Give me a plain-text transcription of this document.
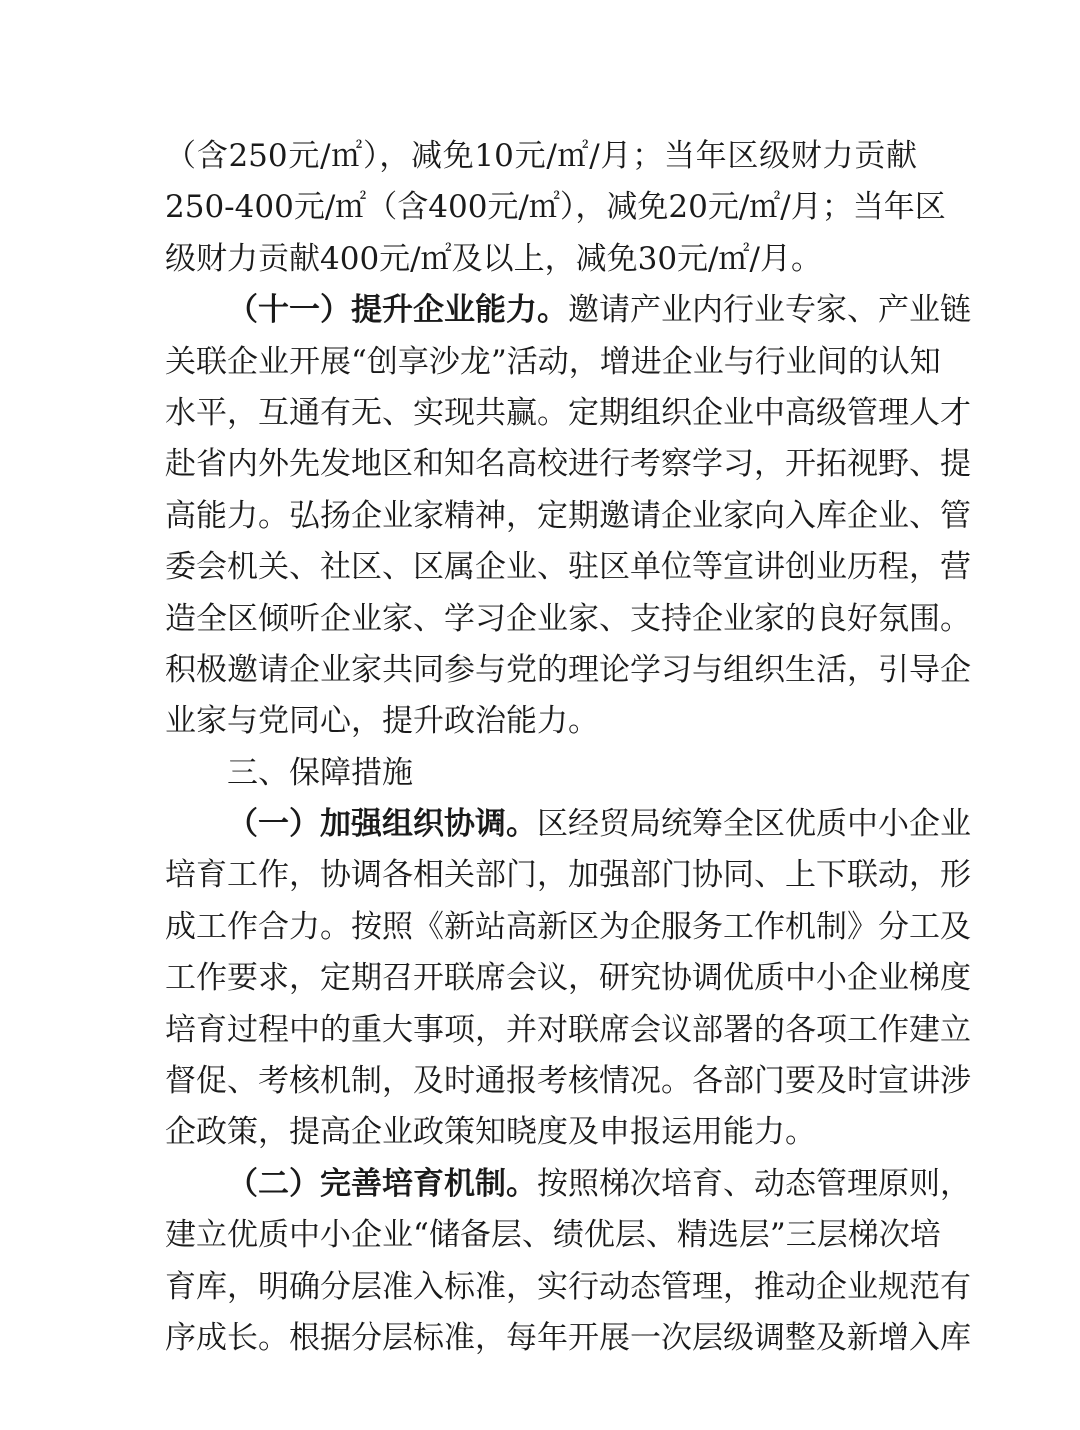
（含250元/㎡），减免10元/㎡/月；当年区级财力贡献
250-400元/㎡（含400元/㎡），减免20元/㎡/月；当年区
级财力贡献400元/㎡及以上，减免30元/㎡/月。
（十一）提升企业能力。邀请产业内行业专家、产业链
关联企业开展“创享沙龙”活动，增进企业与行业间的认知
水平，互通有无、实现共赢。定期组织企业中高级管理人才
赴省内外先发地区和知名高校进行考察学习，开拓视野、提
高能力。弘扬企业家精神，定期邀请企业家向入库企业、管
委会机关、社区、区属企业、驻区单位等宣讲创业历程，营
造全区倾听企业家、学习企业家、支持企业家的良好氛围。
积极邀请企业家共同参与党的理论学习与组织生活，引导企
业家与党同心，提升政治能力。
三、保障措施
（一）加强组织协调。区经贸局统筹全区优质中小企业
培育工作，协调各相关部门，加强部门协同、上下联动，形
成工作合力。按照《新站高新区为企服务工作机制》分工及
工作要求，定期召开联席会议，研究协调优质中小企业梯度
培育过程中的重大事项，并对联席会议部署的各项工作建立
督促、考核机制，及时通报考核情况。各部门要及时宣讲涉
企政策，提高企业政策知晓度及申报运用能力。
（二）完善培育机制。按照梯次培育、动态管理原则，
建立优质中小企业“储备层、绩优层、精选层”三层梯次培
育库，明确分层准入标准，实行动态管理，推动企业规范有
序成长。根据分层标准，每年开展一次层级调整及新增入库
